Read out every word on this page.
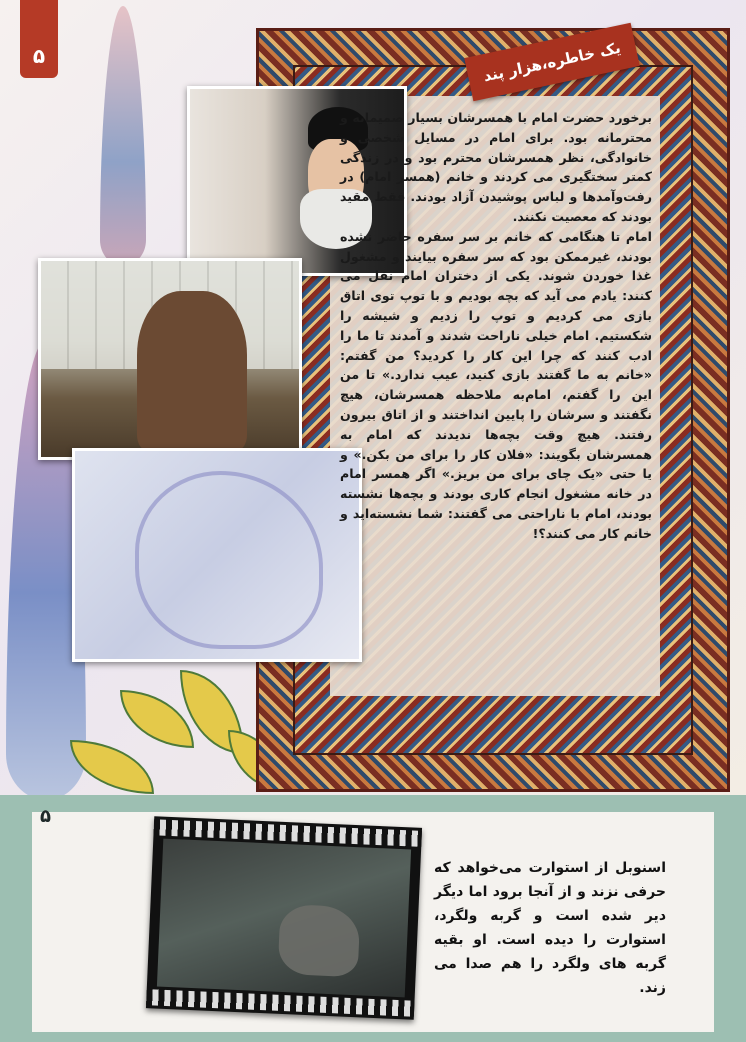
۵	یک خاطره،هزار پند

برخورد حضرت امام با همسرشان بسیار صمیمانه و محترمانه بود. برای امام در مسایل شخصی و خانوادگی، نظر همسرشان محترم بود و در زندگی کمتر سختگیری می کردند و خانم (همسر امام) در رفت‌وآمدها و لباس پوشیدن آزاد بودند. فقط مقید بودند که معصیت نکنند.

امام تا هنگامی که خانم بر سر سفره حاضر نشده بودند، غیرممکن بود که سر سفره بیایند و مشغول غذا خوردن شوند. یکی از دختران امام نقل می کنند: یادم می آید که بچه بودیم و با توپ توی اتاق بازی می کردیم و توپ را زدیم و شیشه را شکستیم. امام خیلی ناراحت شدند و آمدند تا ما را ادب کنند که چرا این کار را کردید؟ من گفتم: «خانم به ما گفتند بازی کنید، عیب ندارد.» تا من این را گفتم، امام‌به ملاحظه همسرشان، هیچ نگفتند و سرشان را پایین انداختند و از اتاق بیرون رفتند. هیچ وقت بچه‌ها ندیدند که امام به همسرشان بگویند: «فلان کار را برای من بکن.» و یا حتی «یک چای برای من بریز.» اگر همسر امام در خانه مشغول انجام کاری بودند و بچه‌ها نشسته بودند، امام با ناراحتی می گفتند: شما نشسته‌اید و خانم کار می کنند؟!

۵
اسنوبل از استوارت می‌خواهد که حرفی نزند و از آنجا برود اما دیگر دیر شده است و گربه ولگرد، استوارت را دیده است. او بقیه گربه های ولگرد را هم صدا می زند.
